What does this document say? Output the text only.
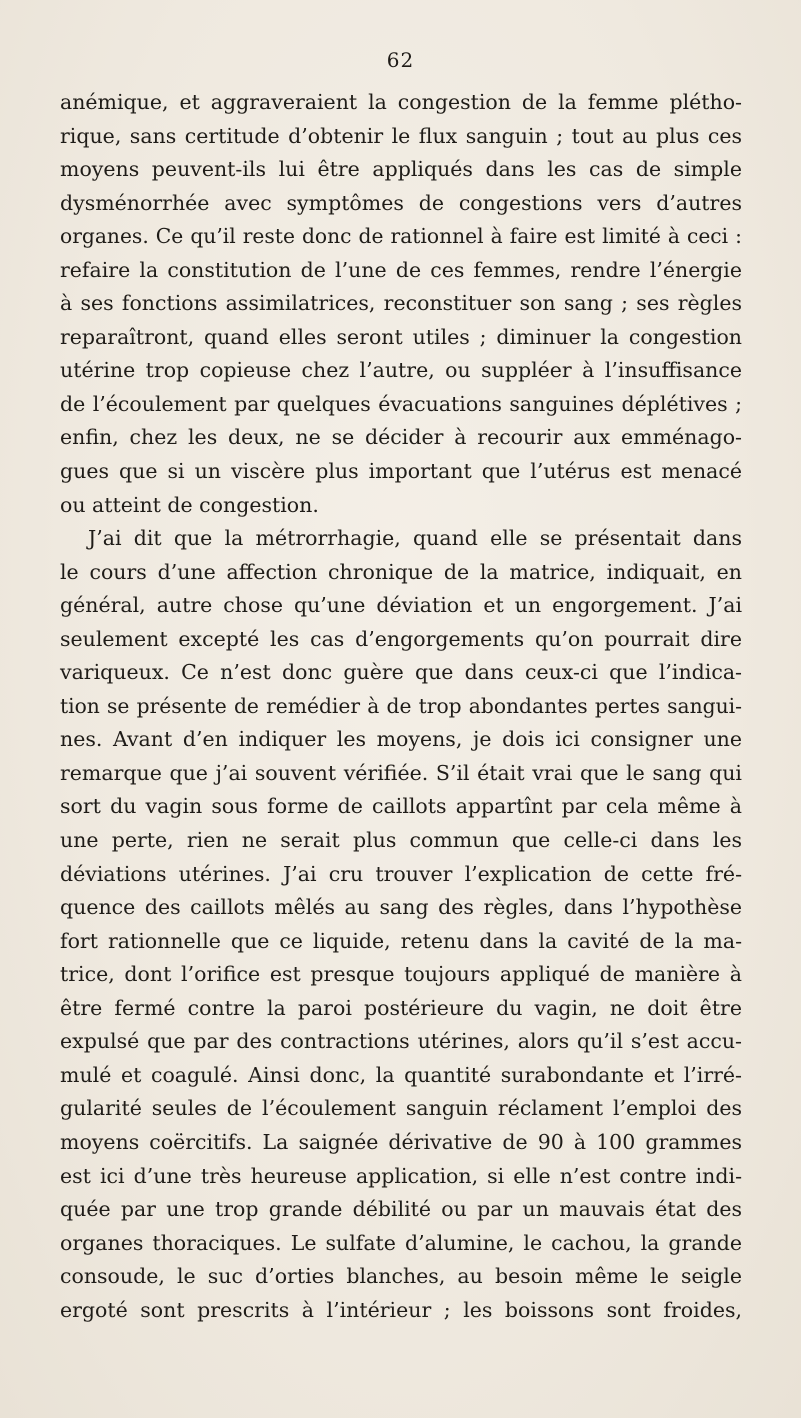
62
anémique, et aggraveraient la congestion de la femme plétho-
rique, sans certitude d’obtenir le flux sanguin ; tout au plus ces
moyens peuvent-ils lui être appliqués dans les cas de simple
dysménorrhée avec symptômes de congestions vers d’autres
organes. Ce qu’il reste donc de rationnel à faire est limité à ceci :
refaire la constitution de l’une de ces femmes, rendre l’énergie
à ses fonctions assimilatrices, reconstituer son sang ; ses règles
reparaîtront, quand elles seront utiles ; diminuer la congestion
utérine trop copieuse chez l’autre, ou suppléer à l’insuffisance
de l’écoulement par quelques évacuations sanguines déplétives ;
enfin, chez les deux, ne se décider à recourir aux emménago-
gues que si un viscère plus important que l’utérus est menacé
ou atteint de congestion.
J’ai dit que la métrorrhagie, quand elle se présentait dans
le cours d’une affection chronique de la matrice, indiquait, en
général, autre chose qu’une déviation et un engorgement. J’ai
seulement excepté les cas d’engorgements qu’on pourrait dire
variqueux. Ce n’est donc guère que dans ceux-ci que l’indica-
tion se présente de remédier à de trop abondantes pertes sangui-
nes. Avant d’en indiquer les moyens, je dois ici consigner une
remarque que j’ai souvent vérifiée. S’il était vrai que le sang qui
sort du vagin sous forme de caillots appartînt par cela même à
une perte, rien ne serait plus commun que celle-ci dans les
déviations utérines. J’ai cru trouver l’explication de cette fré-
quence des caillots mêlés au sang des règles, dans l’hypothèse
fort rationnelle que ce liquide, retenu dans la cavité de la ma-
trice, dont l’orifice est presque toujours appliqué de manière à
être fermé contre la paroi postérieure du vagin, ne doit être
expulsé que par des contractions utérines, alors qu’il s’est accu-
mulé et coagulé. Ainsi donc, la quantité surabondante et l’irré-
gularité seules de l’écoulement sanguin réclament l’emploi des
moyens coërcitifs. La saignée dérivative de 90 à 100 grammes
est ici d’une très heureuse application, si elle n’est contre indi-
quée par une trop grande débilité ou par un mauvais état des
organes thoraciques. Le sulfate d’alumine, le cachou, la grande
consoude, le suc d’orties blanches, au besoin même le seigle
ergoté sont prescrits à l’intérieur ; les boissons sont froides,
